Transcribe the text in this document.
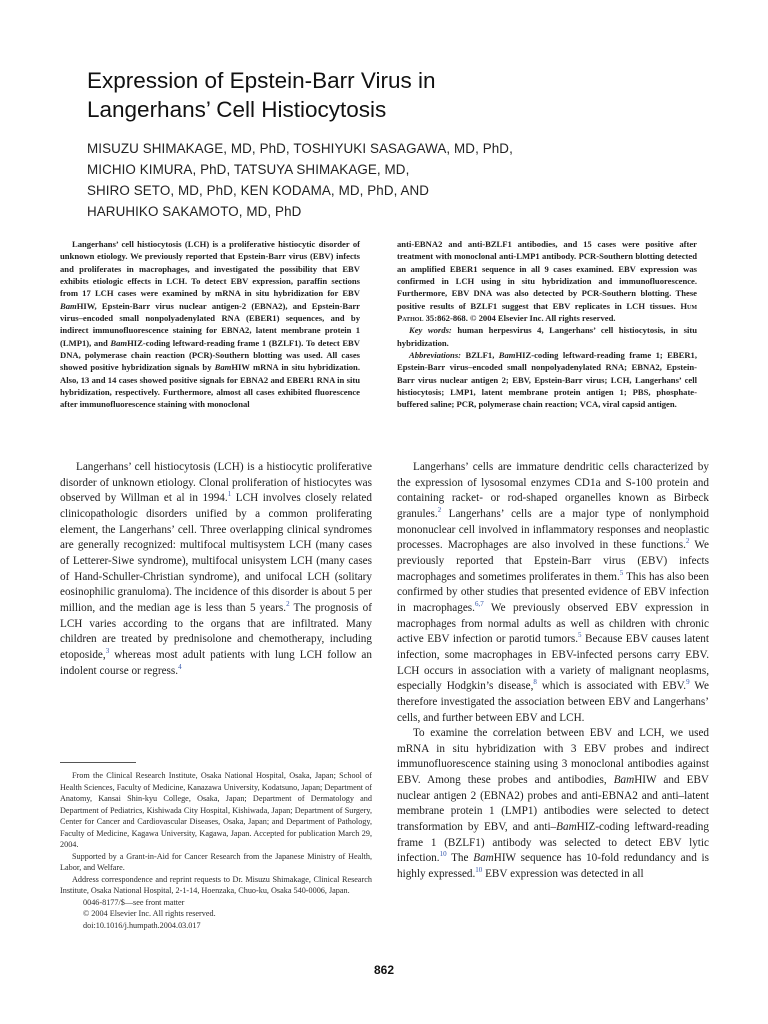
Expression of Epstein-Barr Virus in
Langerhans’ Cell Histiocytosis
MISUZU SHIMAKAGE, MD, PhD, TOSHIYUKI SASAGAWA, MD, PhD,
MICHIO KIMURA, PhD, TATSUYA SHIMAKAGE, MD,
SHIRO SETO, MD, PhD, KEN KODAMA, MD, PhD, AND
HARUHIKO SAKAMOTO, MD, PhD

Langerhans’ cell histiocytosis (LCH) is a proliferative histiocytic disorder of unknown etiology. We previously reported that Epstein-Barr virus (EBV) infects and proliferates in macrophages, and investigated the possibility that EBV exhibits etiologic effects in LCH. To detect EBV expression, paraffin sections from 17 LCH cases were examined by mRNA in situ hybridization for EBV BamHIW, Epstein-Barr virus nuclear antigen-2 (EBNA2), and Epstein-Barr virus–encoded small nonpolyadenylated RNA (EBER1) sequences, and by indirect immunofluorescence staining for EBNA2, latent membrane protein 1 (LMP1), and BamHIZ-coding leftward-reading frame 1 (BZLF1). To detect EBV DNA, polymerase chain reaction (PCR)-Southern blotting was used. All cases showed positive hybridization signals by BamHIW mRNA in situ hybridization. Also, 13 and 14 cases showed positive signals for EBNA2 and EBER1 RNA in situ hybridization, respectively. Furthermore, almost all cases exhibited fluorescence after immunofluorescence staining with monoclonal

anti-EBNA2 and anti-BZLF1 antibodies, and 15 cases were positive after treatment with monoclonal anti-LMP1 antibody. PCR-Southern blotting detected an amplified EBER1 sequence in all 9 cases examined. EBV expression was confirmed in LCH using in situ hybridization and immunofluorescence. Furthermore, EBV DNA was also detected by PCR-Southern blotting. These positive results of BZLF1 suggest that EBV replicates in LCH tissues. Hum Pathol 35:862-868. © 2004 Elsevier Inc. All rights reserved.

Key words: human herpesvirus 4, Langerhans’ cell histiocytosis, in situ hybridization.

Abbreviations: BZLF1, BamHIZ-coding leftward-reading frame 1; EBER1, Epstein-Barr virus–encoded small nonpolyadenylated RNA; EBNA2, Epstein-Barr virus nuclear antigen 2; EBV, Epstein-Barr virus; LCH, Langerhans’ cell histiocytosis; LMP1, latent membrane protein antigen 1; PBS, phosphate-buffered saline; PCR, polymerase chain reaction; VCA, viral capsid antigen.

Langerhans’ cell histiocytosis (LCH) is a histiocytic proliferative disorder of unknown etiology. Clonal proliferation of histiocytes was observed by Willman et al in 1994.$^1$ LCH involves closely related clinicopathologic disorders unified by a common proliferating element, the Langerhans’ cell. Three overlapping clinical syndromes are generally recognized: multifocal multisystem LCH (many cases of Letterer-Siwe syndrome), multifocal unisystem LCH (many cases of Hand-Schuller-Christian syndrome), and unifocal LCH (solitary eosinophilic granuloma). The incidence of this disorder is about 5 per million, and the median age is less than 5 years.$^2$ The prognosis of LCH varies according to the organs that are infiltrated. Many children are treated by prednisolone and chemotherapy, including etoposide,$^3$ whereas most adult patients with lung LCH follow an indolent course or regress.$^4$

From the Clinical Research Institute, Osaka National Hospital, Osaka, Japan; School of Health Sciences, Faculty of Medicine, Kanazawa University, Kodatsuno, Japan; Department of Anatomy, Kansai Shin-kyu College, Osaka, Japan; Department of Dermatology and Department of Pediatrics, Kishiwada City Hospital, Kishiwada, Japan; Department of Surgery, Center for Cancer and Cardiovascular Diseases, Osaka, Japan; and Department of Pathology, Faculty of Medicine, Kagawa University, Kagawa, Japan. Accepted for publication March 29, 2004.

Supported by a Grant-in-Aid for Cancer Research from the Japanese Ministry of Health, Labor, and Welfare.

Address correspondence and reprint requests to Dr. Misuzu Shimakage, Clinical Research Institute, Osaka National Hospital, 2-1-14, Hoenzaka, Chuo-ku, Osaka 540-0006, Japan.

0046-8177/$—see front matter

© 2004 Elsevier Inc. All rights reserved.

doi:10.1016/j.humpath.2004.03.017

Langerhans’ cells are immature dendritic cells characterized by the expression of lysosomal enzymes CD1a and S-100 protein and containing racket- or rod-shaped organelles known as Birbeck granules.$^2$ Langerhans’ cells are a major type of nonlymphoid mononuclear cell involved in inflammatory responses and neoplastic processes. Macrophages are also involved in these functions.$^2$ We previously reported that Epstein-Barr virus (EBV) infects macrophages and sometimes proliferates in them.$^5$ This has also been confirmed by other studies that presented evidence of EBV infection in macrophages.$^{6,7}$ We previously observed EBV expression in macrophages from normal adults as well as children with chronic active EBV infection or parotid tumors.$^5$ Because EBV causes latent infection, some macrophages in EBV-infected persons carry EBV. LCH occurs in association with a variety of malignant neoplasms, especially Hodgkin’s disease,$^8$ which is associated with EBV.$^9$ We therefore investigated the association between EBV and Langerhans’ cells, and further between EBV and LCH.

To examine the correlation between EBV and LCH, we used mRNA in situ hybridization with 3 EBV probes and indirect immunofluorescence staining using 3 monoclonal antibodies against EBV. Among these probes and antibodies, BamHIW and EBV nuclear antigen 2 (EBNA2) probes and anti-EBNA2 and anti–latent membrane protein 1 (LMP1) antibodies were selected to detect transformation by EBV, and anti–BamHIZ-coding leftward-reading frame 1 (BZLF1) antibody was selected to detect EBV lytic infection.$^{10}$ The BamHIW sequence has 10-fold redundancy and is highly expressed.$^{10}$ EBV expression was detected in all

862
